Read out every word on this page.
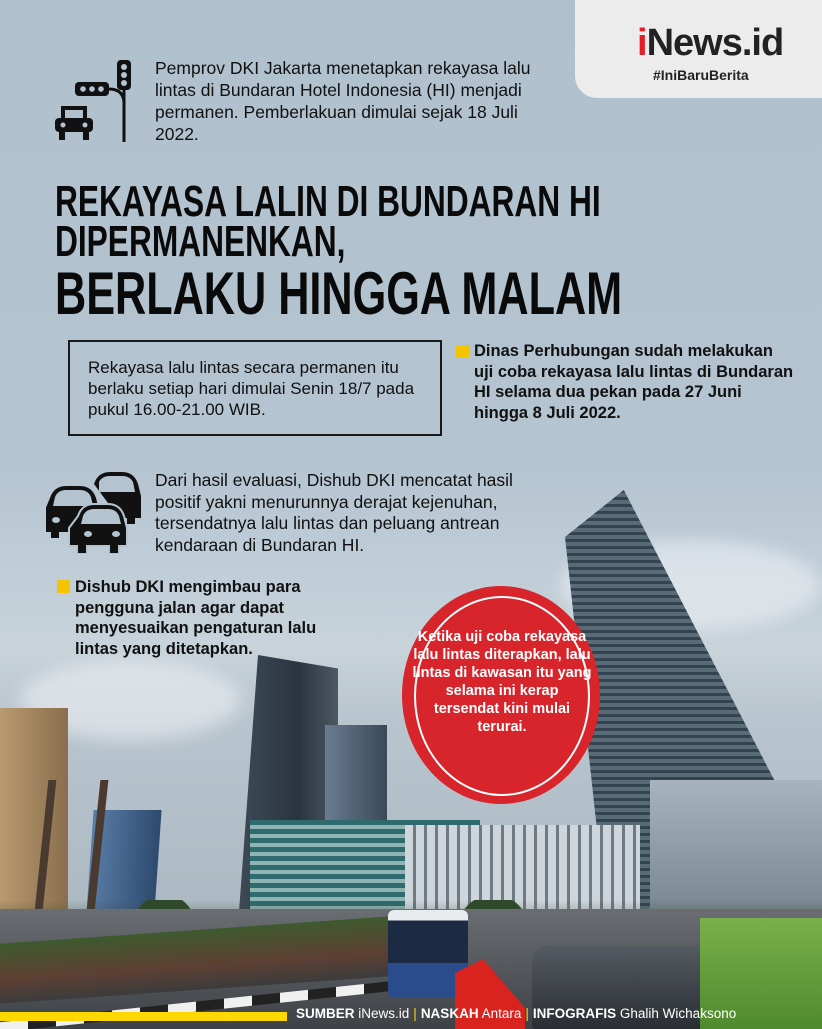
iNews.id
#IniBaruBerita
Pemprov DKI Jakarta menetapkan rekayasa lalu lintas di Bundaran Hotel Indonesia (HI) menjadi permanen. Pemberlakuan dimulai sejak 18 Juli 2022.
REKAYASA LALIN DI BUNDARAN HI
DIPERMANENKAN,
BERLAKU HINGGA MALAM
Rekayasa lalu lintas secara permanen itu berlaku setiap hari dimulai Senin 18/7 pada pukul 16.00-21.00 WIB.
Dinas Perhubungan sudah melakukan uji coba rekayasa lalu lintas di Bundaran HI selama dua pekan pada 27 Juni hingga 8 Juli 2022.
Dari hasil evaluasi, Dishub DKI mencatat hasil positif yakni menurunnya derajat kejenuhan, tersendatnya lalu lintas dan peluang antrean kendaraan di Bundaran HI.
Dishub DKI mengimbau para pengguna jalan agar dapat menyesuaikan pengaturan lalu lintas yang ditetapkan.
Ketika uji coba rekayasa lalu lintas diterapkan, lalu lintas di kawasan itu yang selama ini kerap tersendat kini mulai terurai.
SUMBER iNews.id | NASKAH Antara | INFOGRAFIS Ghalih Wichaksono
